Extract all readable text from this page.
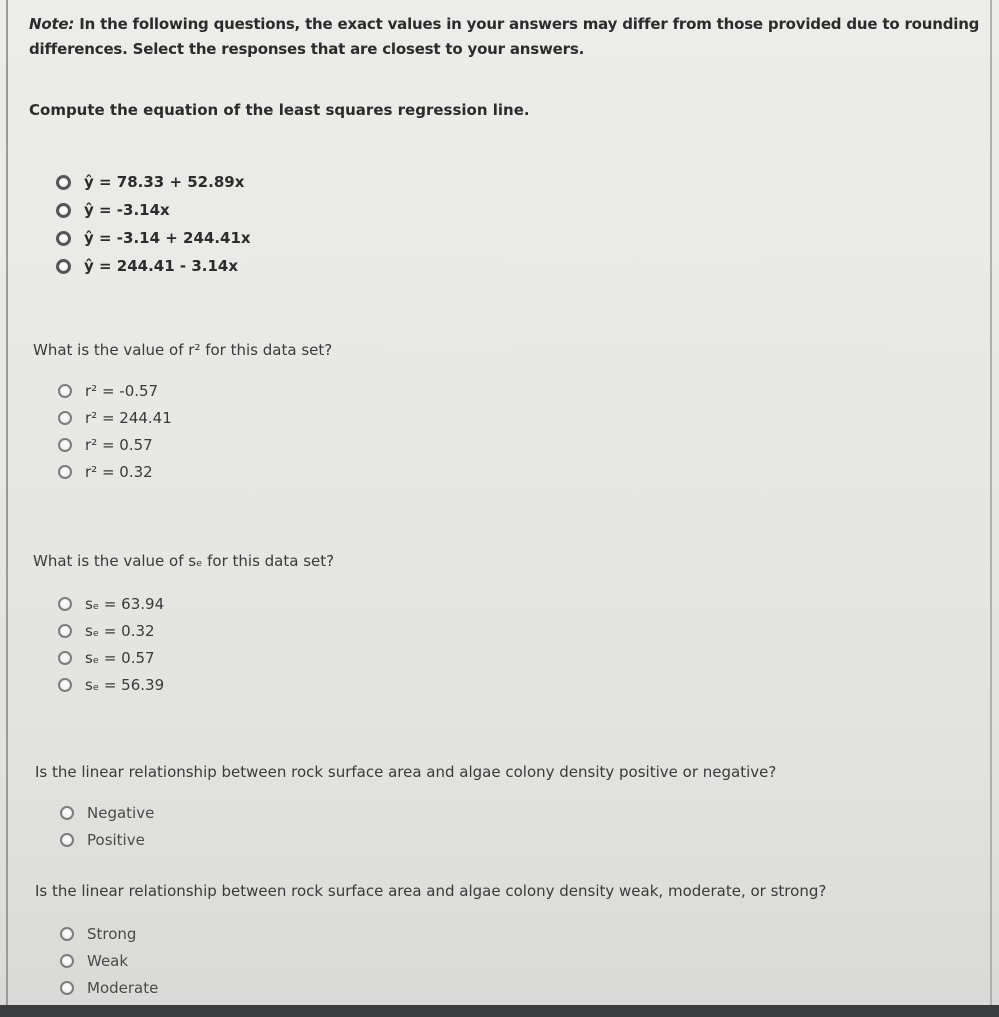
Note: In the following questions, the exact values in your answers may differ from those provided due to rounding differences. Select the responses that are closest to your answers.
Compute the equation of the least squares regression line.
ŷ = 78.33 + 52.89x
ŷ = -3.14x
ŷ = -3.14 + 244.41x
ŷ = 244.41 - 3.14x
What is the value of r² for this data set?
r² = -0.57
r² = 244.41
r² = 0.57
r² = 0.32
What is the value of sₑ for this data set?
sₑ = 63.94
sₑ = 0.32
sₑ = 0.57
sₑ = 56.39
Is the linear relationship between rock surface area and algae colony density positive or negative?
Negative
Positive
Is the linear relationship between rock surface area and algae colony density weak, moderate, or strong?
Strong
Weak
Moderate
